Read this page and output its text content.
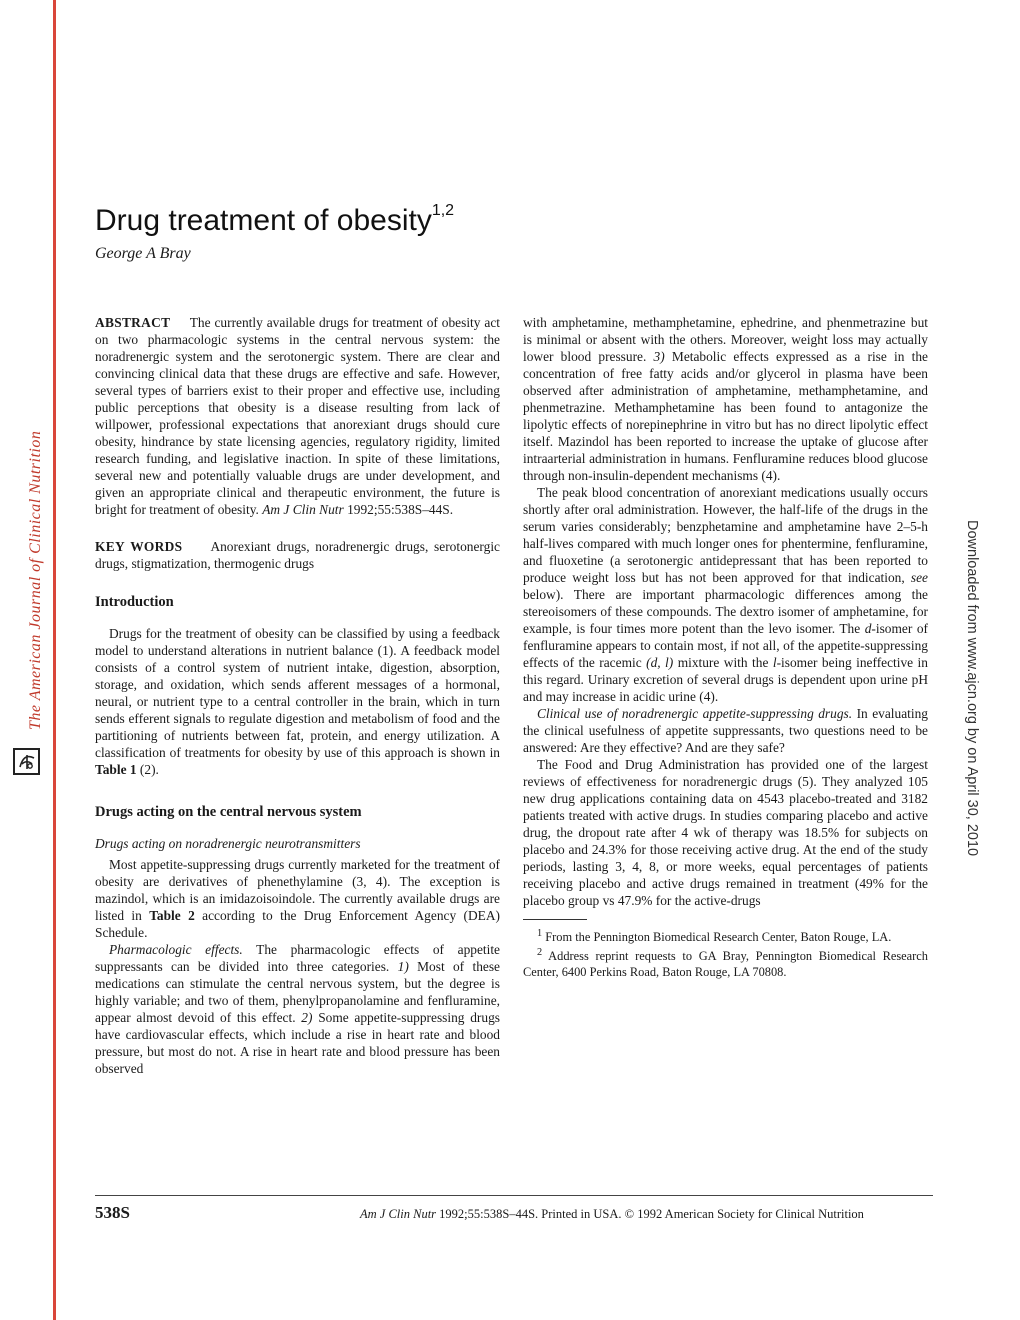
The American Journal of Clinical Nutrition	Downloaded from www.ajcn.org by on April 30, 2010
Drug treatment of obesity$^{1,2}$
George A Bray

ABSTRACT The currently available drugs for treatment of obesity act on two pharmacologic systems in the central nervous system: the noradrenergic system and the serotonergic system. There are clear and convincing clinical data that these drugs are effective and safe. However, several types of barriers exist to their proper and effective use, including public perceptions that obesity is a disease resulting from lack of willpower, professional expectations that anorexiant drugs should cure obesity, hindrance by state licensing agencies, regulatory rigidity, limited research funding, and legislative inaction. In spite of these limitations, several new and potentially valuable drugs are under development, and given an appropriate clinical and therapeutic environment, the future is bright for treatment of obesity. Am J Clin Nutr 1992;55:538S–44S.

KEY WORDS Anorexiant drugs, noradrenergic drugs, serotonergic drugs, stigmatization, thermogenic drugs

Introduction

Drugs for the treatment of obesity can be classified by using a feedback model to understand alterations in nutrient balance (1). A feedback model consists of a control system of nutrient intake, digestion, absorption, storage, and oxidation, which sends afferent messages of a hormonal, neural, or nutrient type to a central controller in the brain, which in turn sends efferent signals to regulate digestion and metabolism of food and the partitioning of nutrients between fat, protein, and energy utilization. A classification of treatments for obesity by use of this approach is shown in Table 1 (2).

Drugs acting on the central nervous system

Drugs acting on noradrenergic neurotransmitters

Most appetite-suppressing drugs currently marketed for the treatment of obesity are derivatives of phenethylamine (3, 4). The exception is mazindol, which is an imidazoisoindole. The currently available drugs are listed in Table 2 according to the Drug Enforcement Agency (DEA) Schedule.

Pharmacologic effects. The pharmacologic effects of appetite suppressants can be divided into three categories. 1) Most of these medications can stimulate the central nervous system, but the degree is highly variable; and two of them, phenylpropanolamine and fenfluramine, appear almost devoid of this effect. 2) Some appetite-suppressing drugs have cardiovascular effects, which include a rise in heart rate and blood pressure, but most do not. A rise in heart rate and blood pressure has been observed

with amphetamine, methamphetamine, ephedrine, and phenmetrazine but is minimal or absent with the others. Moreover, weight loss may actually lower blood pressure. 3) Metabolic effects expressed as a rise in the concentration of free fatty acids and/or glycerol in plasma have been observed after administration of amphetamine, methamphetamine, and phenmetrazine. Methamphetamine has been found to antagonize the lipolytic effects of norepinephrine in vitro but has no direct lipolytic effect itself. Mazindol has been reported to increase the uptake of glucose after intraarterial administration in humans. Fenfluramine reduces blood glucose through non-insulin-dependent mechanisms (4).

The peak blood concentration of anorexiant medications usually occurs shortly after oral administration. However, the half-life of the drugs in the serum varies considerably; benzphetamine and amphetamine have 2–5-h half-lives compared with much longer ones for phentermine, fenfluramine, and fluoxetine (a serotonergic antidepressant that has been reported to produce weight loss but has not been approved for that indication, see below). There are important pharmacologic differences among the stereoisomers of these compounds. The dextro isomer of amphetamine, for example, is four times more potent than the levo isomer. The d-isomer of fenfluramine appears to contain most, if not all, of the appetite-suppressing effects of the racemic (d, l) mixture with the l-isomer being ineffective in this regard. Urinary excretion of several drugs is dependent upon urine pH and may increase in acidic urine (4).

Clinical use of noradrenergic appetite-suppressing drugs. In evaluating the clinical usefulness of appetite suppressants, two questions need to be answered: Are they effective? And are they safe?

The Food and Drug Administration has provided one of the largest reviews of effectiveness for noradrenergic drugs (5). They analyzed 105 new drug applications containing data on 4543 placebo-treated and 3182 patients treated with active drugs. In studies comparing placebo and active drug, the dropout rate after 4 wk of therapy was 18.5% for subjects on placebo and 24.3% for those receiving active drug. At the end of the study periods, lasting 3, 4, 8, or more weeks, equal percentages of patients receiving placebo and active drugs remained in treatment (49% for the placebo group vs 47.9% for the active-drugs

$^1$ From the Pennington Biomedical Research Center, Baton Rouge, LA.

$^2$ Address reprint requests to GA Bray, Pennington Biomedical Research Center, 6400 Perkins Road, Baton Rouge, LA 70808.

538S	Am J Clin Nutr 1992;55:538S–44S. Printed in USA. © 1992 American Society for Clinical Nutrition
